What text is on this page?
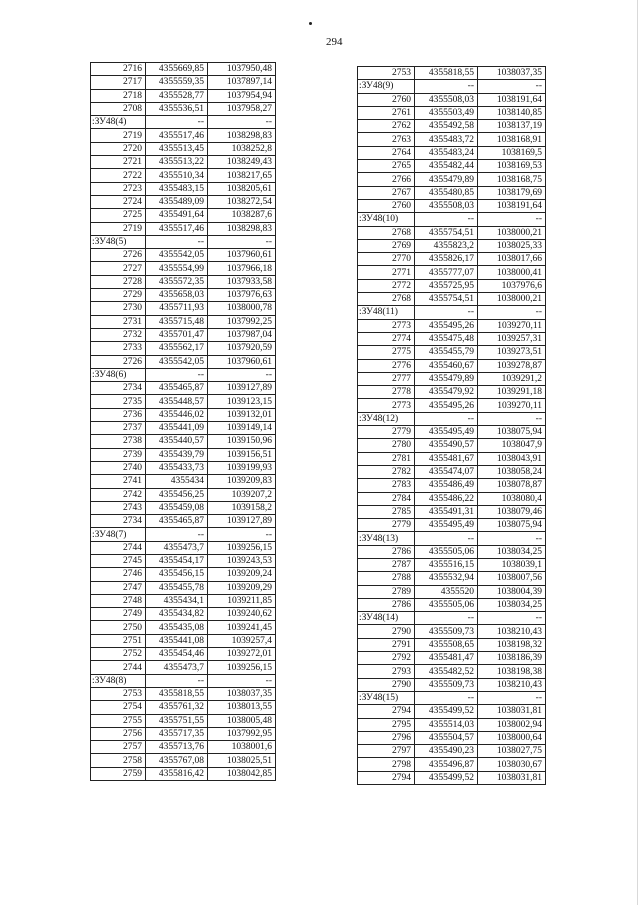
294
2716	4355669,85	1037950,48
2717	4355559,35	1037897,14
2718	4355528,77	1037954,94
2708	4355536,51	1037958,27
:ЗУ48(4)	--	--
2719	4355517,46	1038298,83
2720	4355513,45	1038252,8
2721	4355513,22	1038249,43
2722	4355510,34	1038217,65
2723	4355483,15	1038205,61
2724	4355489,09	1038272,54
2725	4355491,64	1038287,6
2719	4355517,46	1038298,83
:ЗУ48(5)	--	--
2726	4355542,05	1037960,61
2727	4355554,99	1037966,18
2728	4355572,35	1037933,58
2729	4355658,03	1037976,63
2730	4355711,93	1038000,78
2731	4355715,48	1037992,25
2732	4355701,47	1037987,04
2733	4355562,17	1037920,59
2726	4355542,05	1037960,61
:ЗУ48(6)	--	--
2734	4355465,87	1039127,89
2735	4355448,57	1039123,15
2736	4355446,02	1039132,01
2737	4355441,09	1039149,14
2738	4355440,57	1039150,96
2739	4355439,79	1039156,51
2740	4355433,73	1039199,93
2741	4355434	1039209,83
2742	4355456,25	1039207,2
2743	4355459,08	1039158,2
2734	4355465,87	1039127,89
:ЗУ48(7)	--	--
2744	4355473,7	1039256,15
2745	4355454,17	1039243,53
2746	4355456,15	1039209,24
2747	4355455,78	1039209,29
2748	4355434,1	1039211,85
2749	4355434,82	1039240,62
2750	4355435,08	1039241,45
2751	4355441,08	1039257,4
2752	4355454,46	1039272,01
2744	4355473,7	1039256,15
:ЗУ48(8)	--	--
2753	4355818,55	1038037,35
2754	4355761,32	1038013,55
2755	4355751,55	1038005,48
2756	4355717,35	1037992,95
2757	4355713,76	1038001,6
2758	4355767,08	1038025,51
2759	4355816,42	1038042,85
2753	4355818,55	1038037,35
:ЗУ48(9)	--	--
2760	4355508,03	1038191,64
2761	4355503,49	1038140,85
2762	4355492,58	1038137,19
2763	4355483,72	1038168,91
2764	4355483,24	1038169,5
2765	4355482,44	1038169,53
2766	4355479,89	1038168,75
2767	4355480,85	1038179,69
2760	4355508,03	1038191,64
:ЗУ48(10)	--	--
2768	4355754,51	1038000,21
2769	4355823,2	1038025,33
2770	4355826,17	1038017,66
2771	4355777,07	1038000,41
2772	4355725,95	1037976,6
2768	4355754,51	1038000,21
:ЗУ48(11)	--	--
2773	4355495,26	1039270,11
2774	4355475,48	1039257,31
2775	4355455,79	1039273,51
2776	4355460,67	1039278,87
2777	4355479,89	1039291,2
2778	4355479,92	1039291,18
2773	4355495,26	1039270,11
:ЗУ48(12)	--	--
2779	4355495,49	1038075,94
2780	4355490,57	1038047,9
2781	4355481,67	1038043,91
2782	4355474,07	1038058,24
2783	4355486,49	1038078,87
2784	4355486,22	1038080,4
2785	4355491,31	1038079,46
2779	4355495,49	1038075,94
:ЗУ48(13)	--	--
2786	4355505,06	1038034,25
2787	4355516,15	1038039,1
2788	4355532,94	1038007,56
2789	4355520	1038004,39
2786	4355505,06	1038034,25
:ЗУ48(14)	--	--
2790	4355509,73	1038210,43
2791	4355508,65	1038198,32
2792	4355481,47	1038186,39
2793	4355482,52	1038198,38
2790	4355509,73	1038210,43
:ЗУ48(15)	--	--
2794	4355499,52	1038031,81
2795	4355514,03	1038002,94
2796	4355504,57	1038000,64
2797	4355490,23	1038027,75
2798	4355496,87	1038030,67
2794	4355499,52	1038031,81
